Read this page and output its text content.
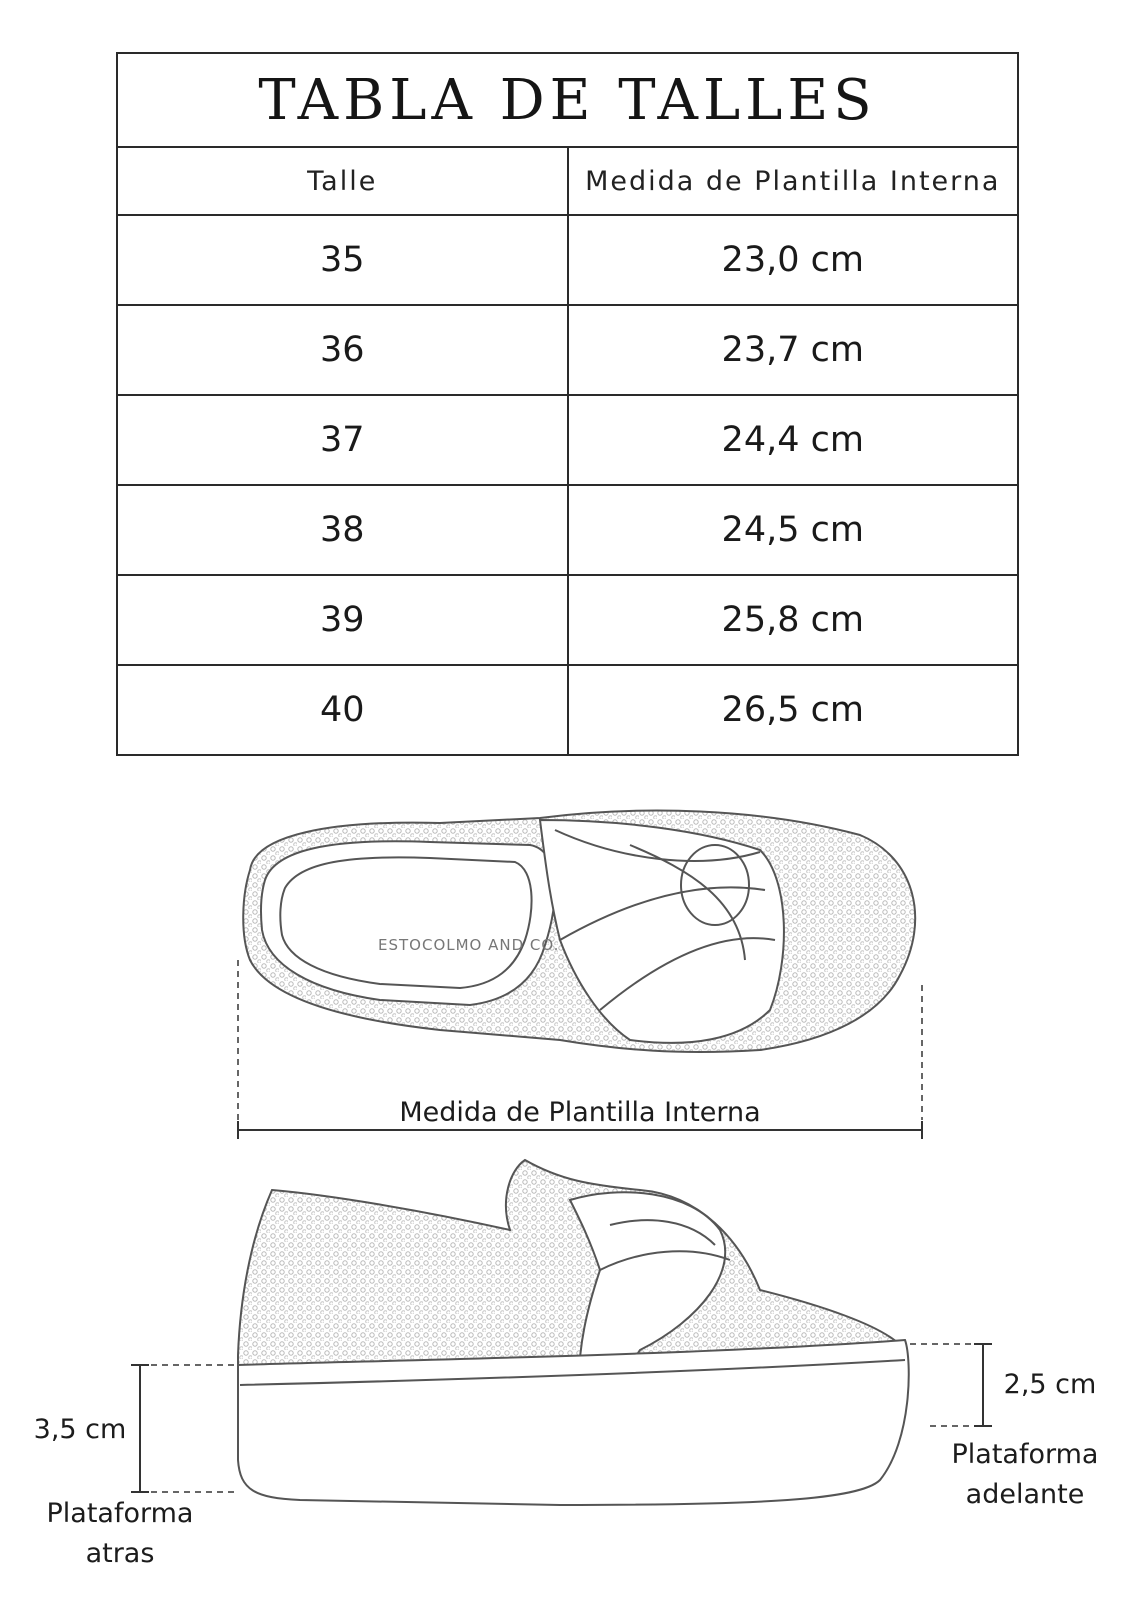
TABLA DE TALLES	
Talle	Medida de Plantilla Interna
35	23,0 cm
36	23,7 cm
37	24,4 cm
38	24,5 cm
39	25,8 cm
40	26,5 cm
ESTOCOLMO AND CO.
Medida de Plantilla Interna
3,5 cm
Plataforma
atras
2,5 cm
Plataforma
adelante
